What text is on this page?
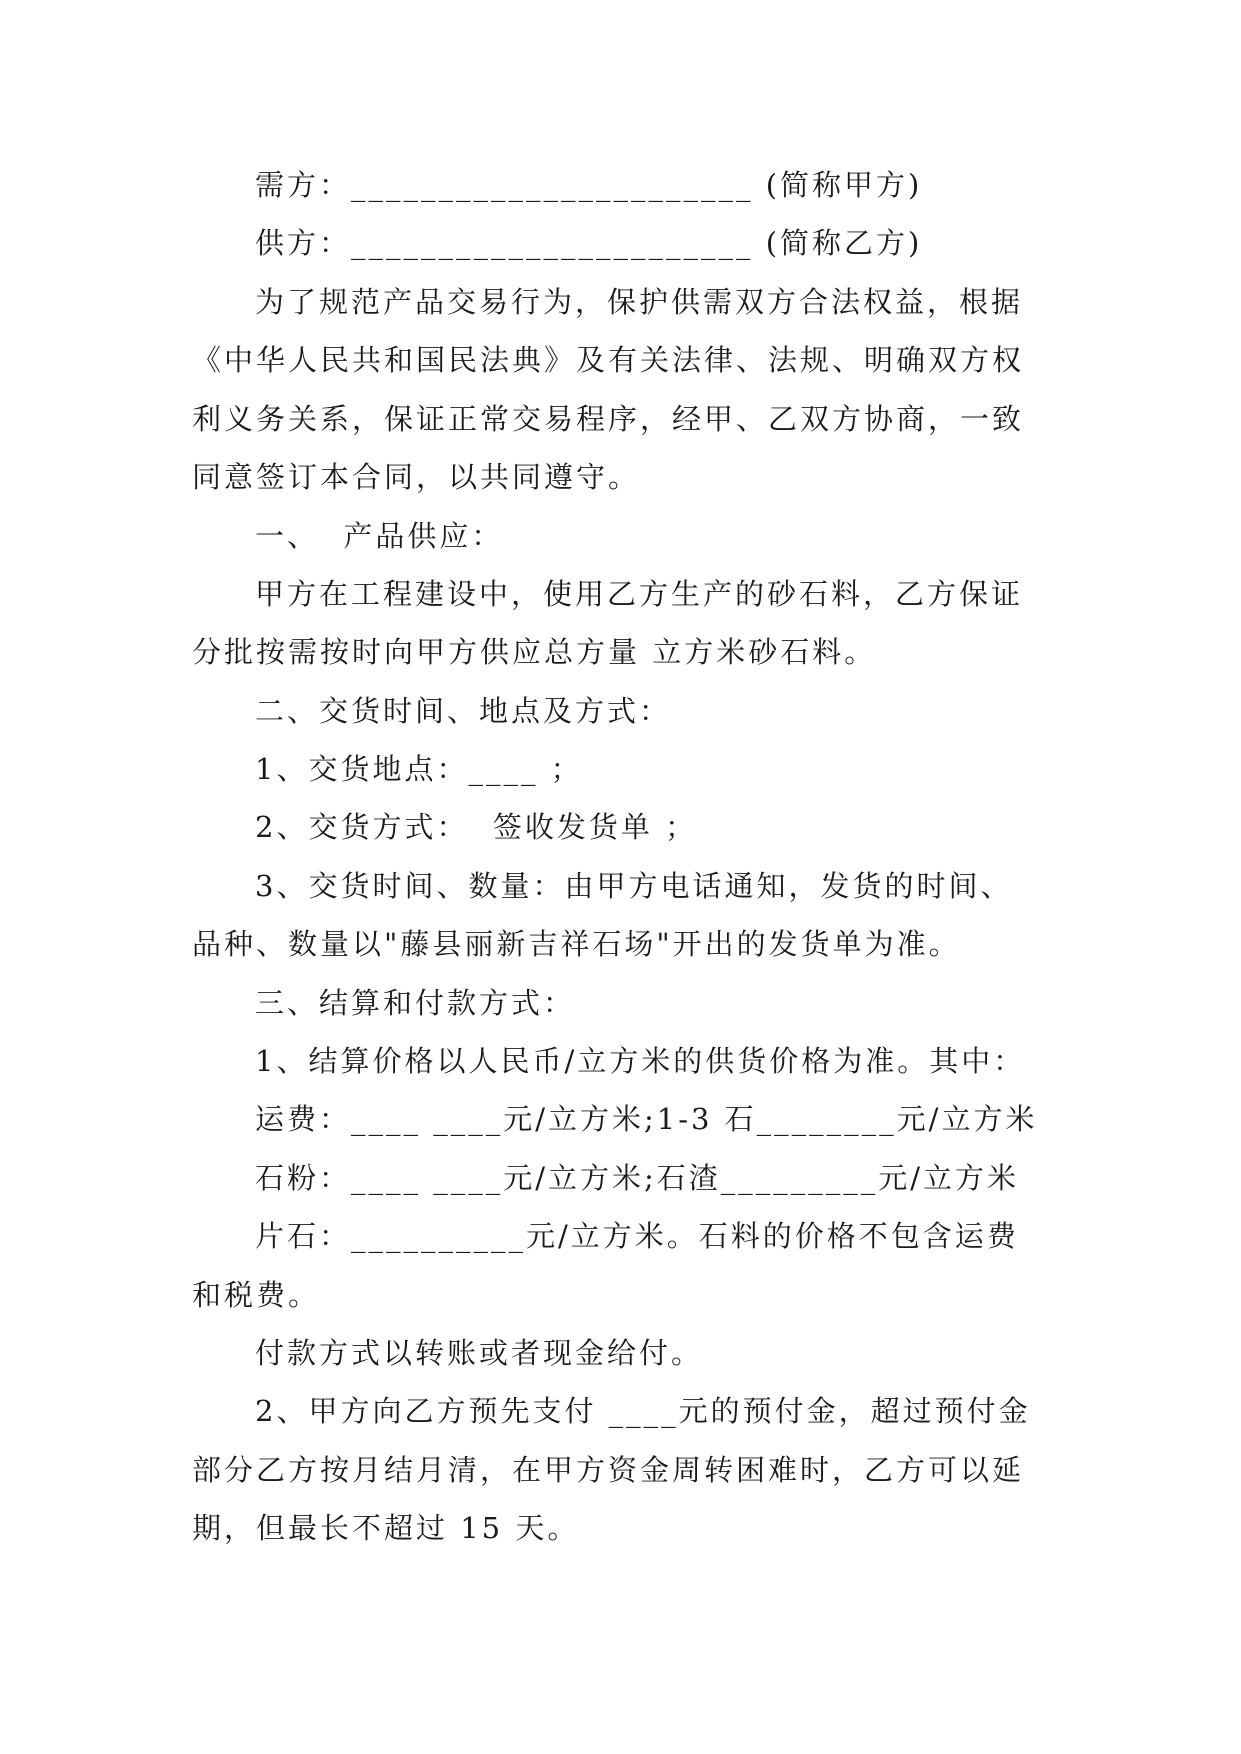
需方：_______________________ (简称甲方)
供方：_______________________ (简称乙方)
为了规范产品交易行为，保护供需双方合法权益，根据
《中华人民共和国民法典》及有关法律、法规、明确双方权
利义务关系，保证正常交易程序，经甲、乙双方协商，一致
同意签订本合同，以共同遵守。
一、  产品供应：
甲方在工程建设中，使用乙方生产的砂石料，乙方保证
分批按需按时向甲方供应总方量 立方米砂石料。
二、交货时间、地点及方式：
1、交货地点：____ ；
2、交货方式：  签收发货单 ；
3、交货时间、数量：由甲方电话通知，发货的时间、
品种、数量以"藤县丽新吉祥石场"开出的发货单为准。
三、结算和付款方式：
1、结算价格以人民币/立方米的供货价格为准。其中：
运费：____ ____元/立方米;1-3 石________元/立方米
石粉：____ ____元/立方米;石渣_________元/立方米
片石：__________元/立方米。石料的价格不包含运费
和税费。
付款方式以转账或者现金给付。
2、甲方向乙方预先支付 ____元的预付金，超过预付金
部分乙方按月结月清，在甲方资金周转困难时，乙方可以延
期，但最长不超过 15 天。
